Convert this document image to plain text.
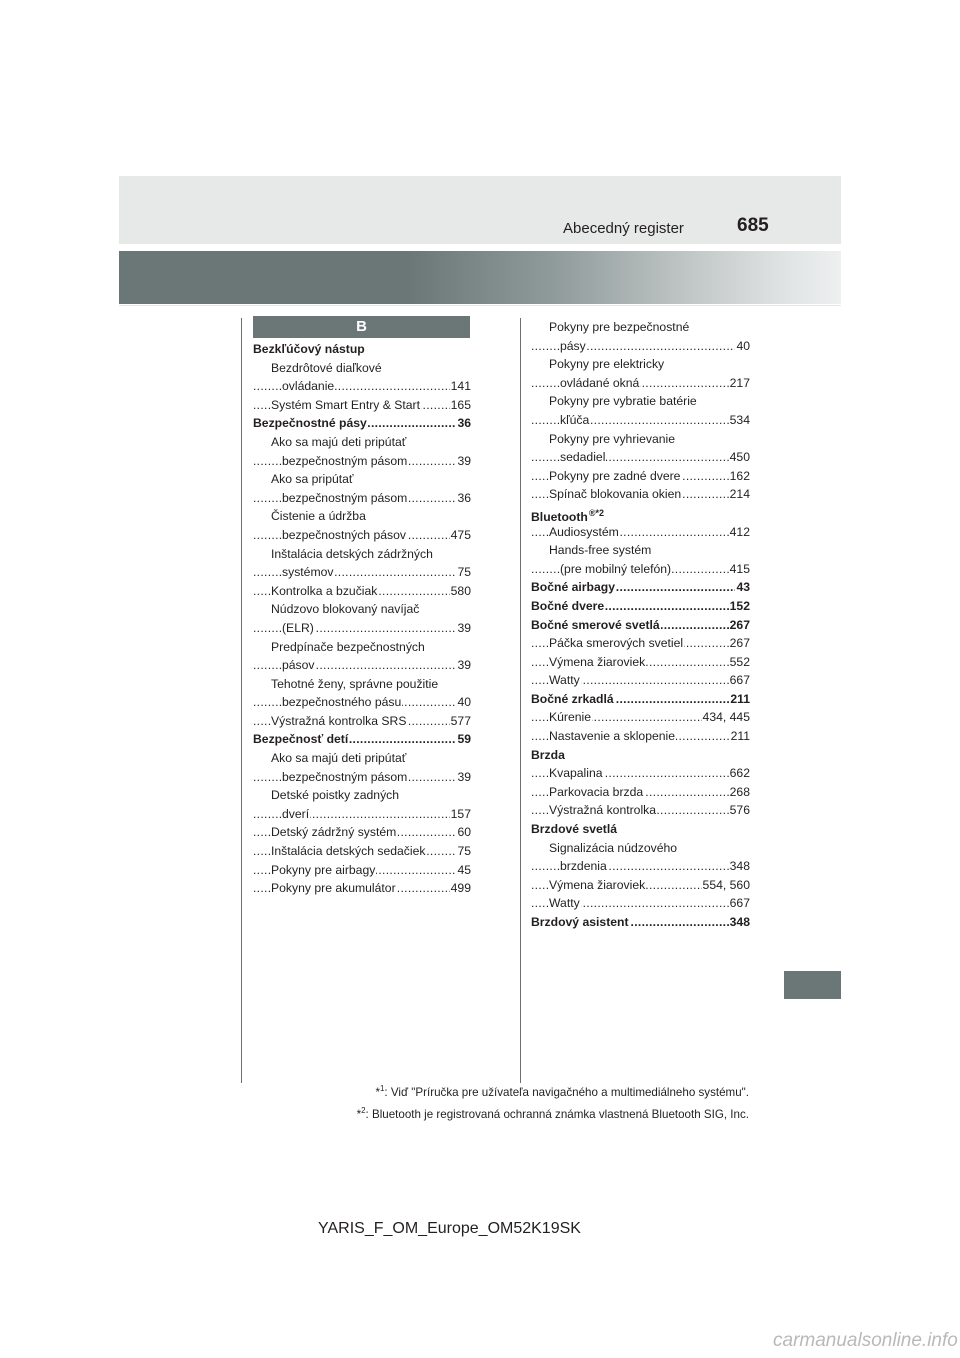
Abecedný register	685
B
Bezkľúčový nástup
Bezdrôtové diaľkové
ovládanie	141
.....
Systém Smart Entry & Start	165
.....
Bezpečnostné pásy	36
.....
Ako sa majú deti pripútať
bezpečnostným pásom	39
.....
Ako sa pripútať
bezpečnostným pásom	36
.....
Čistenie a údržba
bezpečnostných pásov	475
.....
Inštalácia detských zádržných
systémov	75
.....
Kontrolka a bzučiak	580
.....
Núdzovo blokovaný navíjač
(ELR)	39
.....
Predpínače bezpečnostných
pásov	39
.....
Tehotné ženy, správne použitie
bezpečnostného pásu	40
.....
Výstražná kontrolka SRS	577
.....
Bezpečnosť detí	59
.....
Ako sa majú deti pripútať
bezpečnostným pásom	39
.....
Detské poistky zadných
dverí	157
.....
Detský zádržný systém	60
.....
Inštalácia detských sedačiek	75
.....
Pokyny pre airbagy	45
.....
Pokyny pre akumulátor	499
.....
Pokyny pre bezpečnostné
pásy	40
.....
Pokyny pre elektricky
ovládané okná	217
.....
Pokyny pre vybratie batérie
kľúča	534
.....
Pokyny pre vyhrievanie
sedadiel	450
.....
Pokyny pre zadné dvere	162
.....
Spínač blokovania okien	214
.....
Bluetooth$^{®*2}$
Audiosystém	412
.....
Hands-free systém
(pre mobilný telefón)	415
.....
Bočné airbagy	43
.....
Bočné dvere	152
.....
Bočné smerové svetlá	267
.....
Páčka smerových svetiel	267
.....
Výmena žiaroviek	552
.....
Watty	667
.....
Bočné zrkadlá	211
.....
Kúrenie	434, 445
.....
Nastavenie a sklopenie	211
.....
Brzda
Kvapalina	662
.....
Parkovacia brzda	268
.....
Výstražná kontrolka	576
.....
Brzdové svetlá
Signalizácia núdzového
brzdenia	348
.....
Výmena žiaroviek	554, 560
.....
Watty	667
.....
Brzdový asistent	348
.....
*$^1$: Viď "Príručka pre užívateľa navigačného a multimediálneho systému".
*$^2$: Bluetooth je registrovaná ochranná známka vlastnená Bluetooth SIG, Inc.
YARIS_F_OM_Europe_OM52K19SK
carmanualsonline.info
